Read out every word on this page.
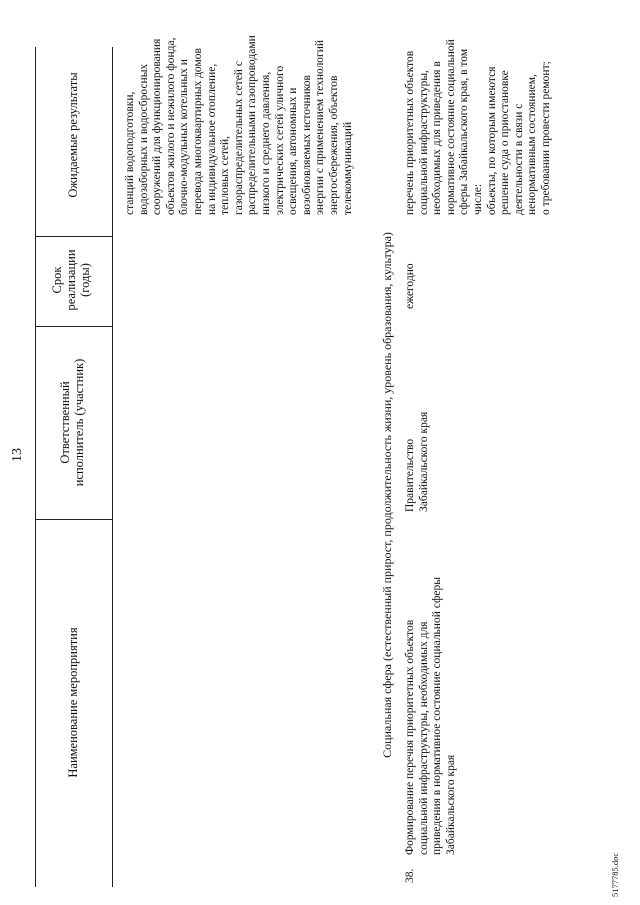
13
5177785.doc
Наименование мероприятия
Ответственный исполнитель (участник)
Срок реализации (годы)
Ожидаемые результаты	станций водоподготовки, водозаборных и водосбросных сооружений для функционирования объектов жилого и нежилого фонда, блочно-модульных котельных и перевода многоквартирных домов на индивидуальное отопление, тепловых сетей, газораспределительных сетей с распределительными газопроводами низкого и среднего давления, электрических сетей уличного освещения, автономных и возобновляемых источников энергии с применением технологий энергосбережения, объектов телекоммуникаций
Социальная сфера (естественный прирост, продолжительность жизни, уровень образования, культура)
38.
Формирование перечня приоритетных объектов социальной инфраструктуры, необходимых для приведения в нормативное состояние социальной сферы Забайкальского края
Правительство Забайкальского края
ежегодно
перечень приоритетных объектов социальной инфраструктуры, необходимых для приведения в нормативное состояние социальной сферы Забайкальского края, в том числе: объекты, по которым имеются решение суда о приостановке деятельности в связи с ненормативным состоянием, о требовании провести ремонт;
